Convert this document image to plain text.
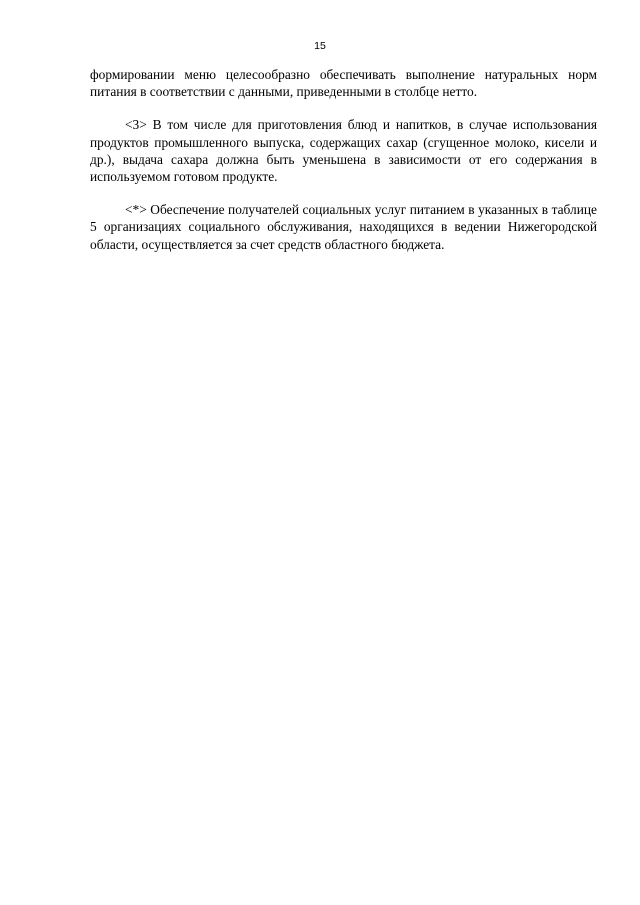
15

формировании меню целесообразно обеспечивать выполнение натуральных норм питания в соответствии с данными, приведенными в столбце нетто.

<3> В том числе для приготовления блюд и напитков, в случае использования продуктов промышленного выпуска, содержащих сахар (сгущенное молоко, кисели и др.), выдача сахара должна быть уменьшена в зависимости от его содержания в используемом готовом продукте.

<*> Обеспечение получателей социальных услуг питанием в указанных в таблице 5 организациях социального обслуживания, находящихся в ведении Нижегородской области, осуществляется за счет средств областного бюджета.
